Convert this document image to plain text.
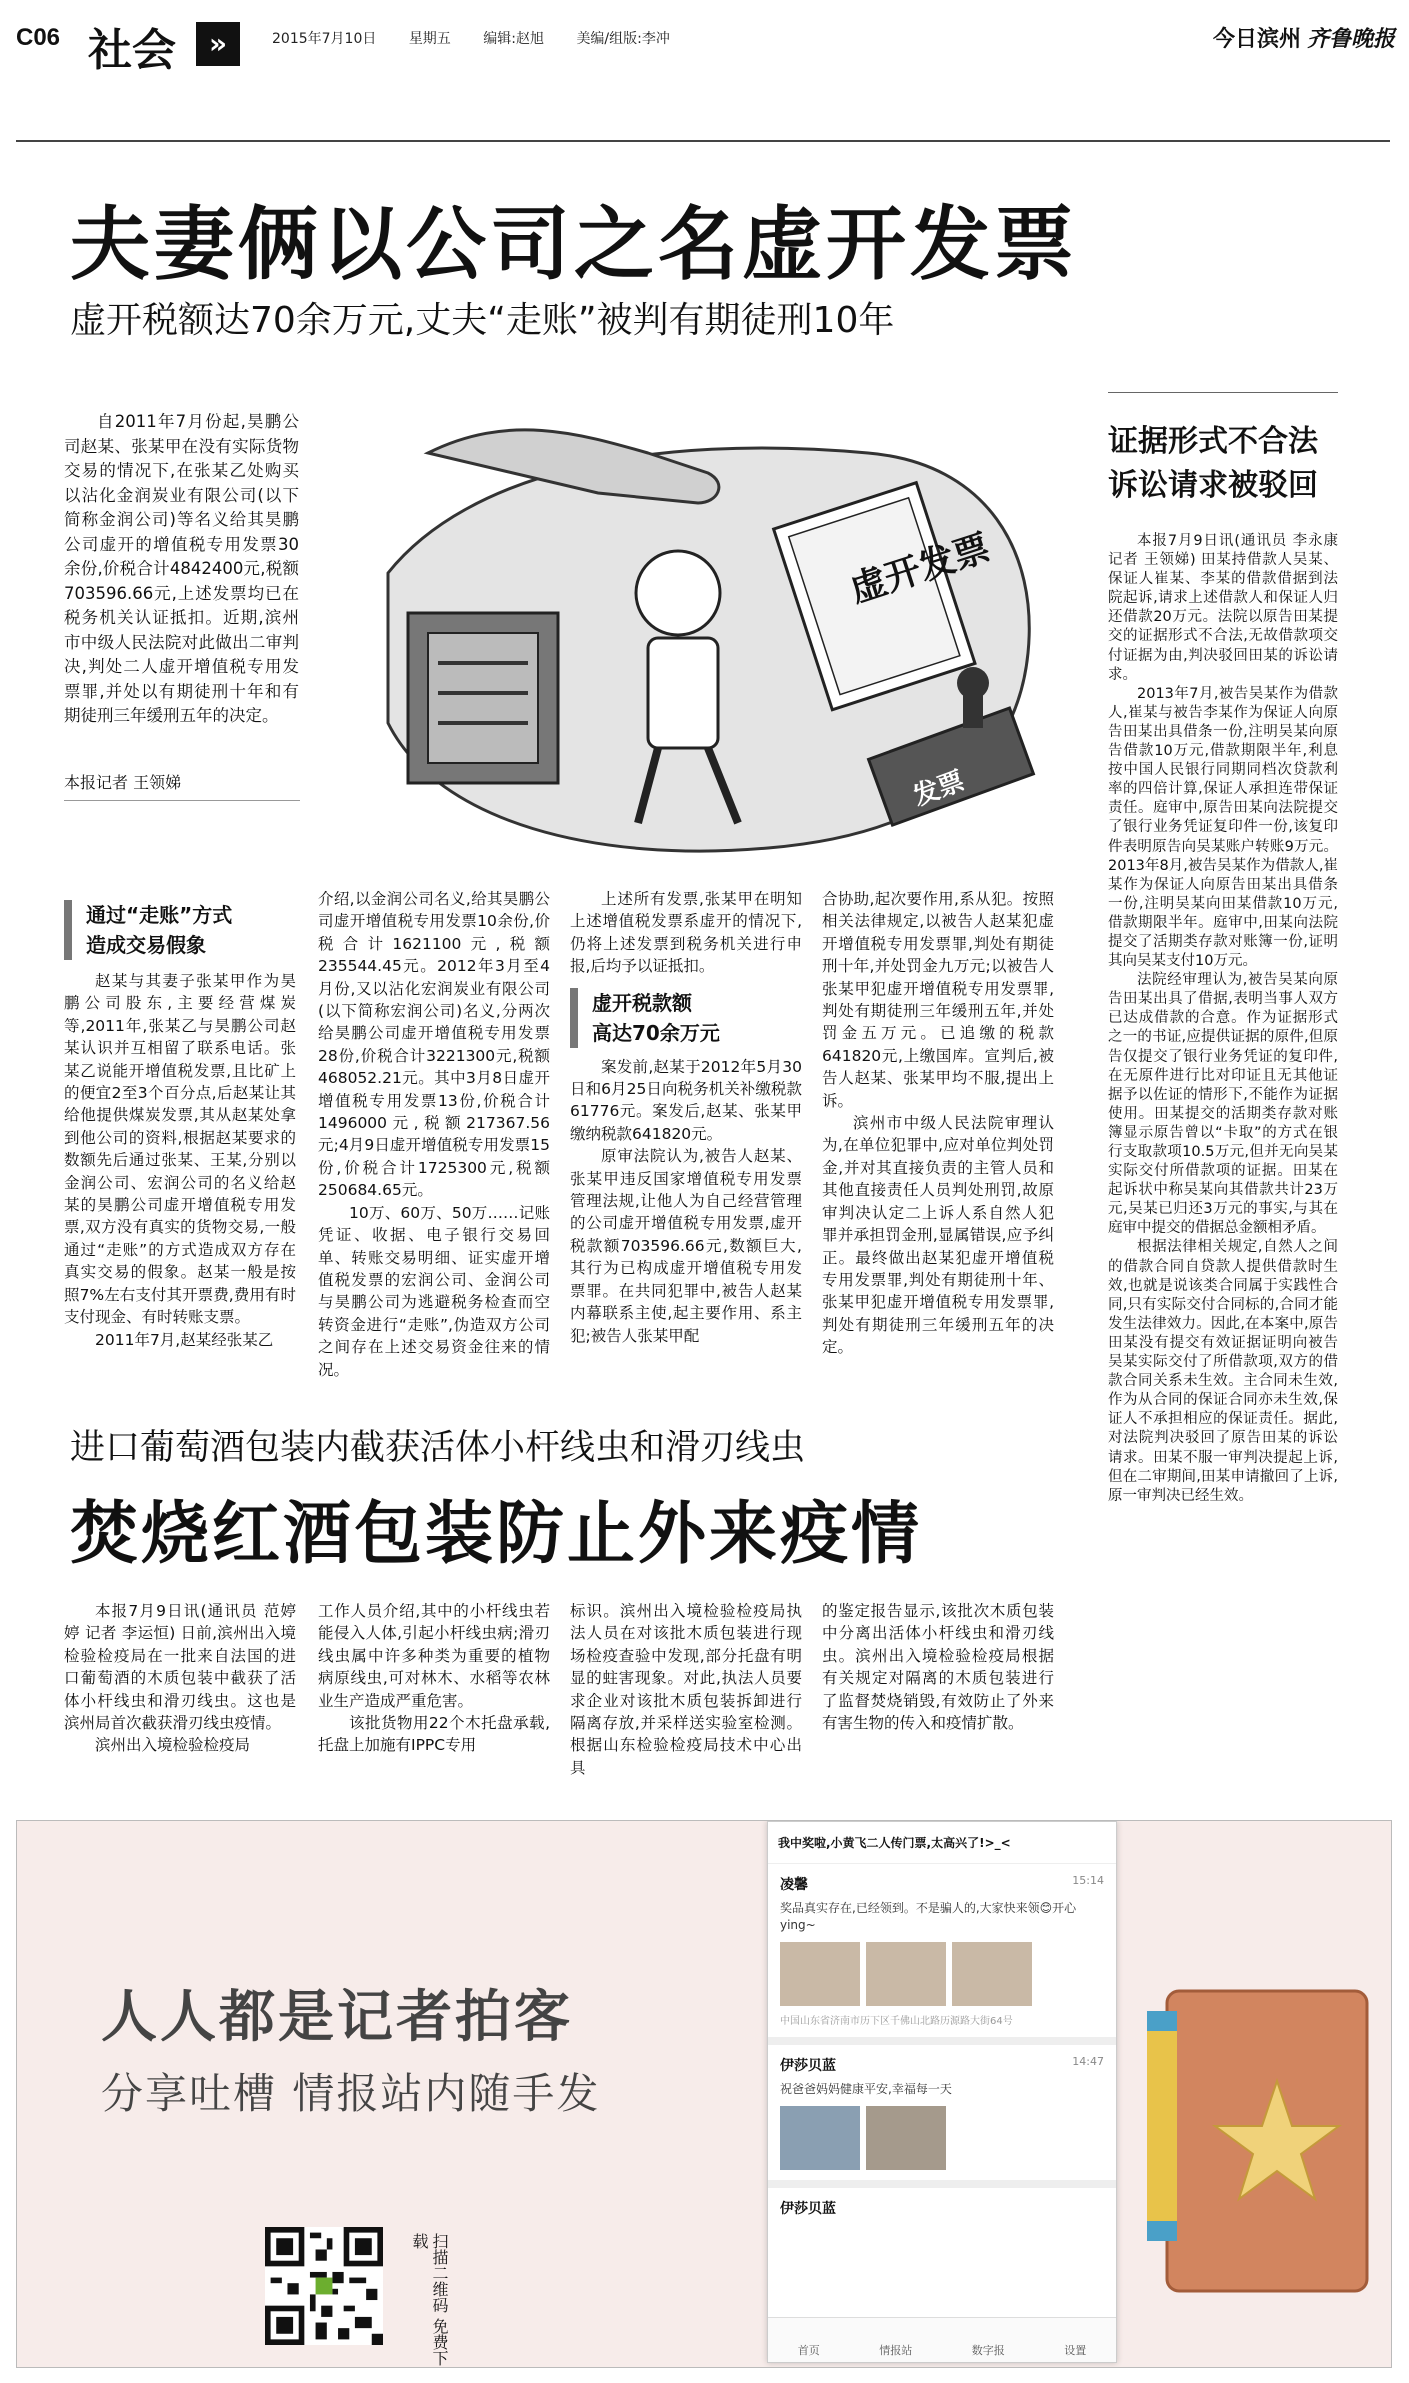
C06 社会	»	2015年7月10日 星期五 编辑:赵旭 美编/组版:李冲	今日滨州 齐鲁晚报
夫妻俩以公司之名虚开发票
虚开税额达70余万元,丈夫“走账”被判有期徒刑10年

自2011年7月份起,昊鹏公司赵某、张某甲在没有实际货物交易的情况下,在张某乙处购买以沾化金润炭业有限公司(以下简称金润公司)等名义给其昊鹏公司虚开的增值税专用发票30余份,价税合计4842400元,税额703596.66元,上述发票均已在税务机关认证抵扣。近期,滨州市中级人民法院对此做出二审判决,判处二人虚开增值税专用发票罪,并处以有期徒刑十年和有期徒刑三年缓刑五年的决定。

本报记者 王领娣
虚开发票
发票
证据形式不合法
诉讼请求被驳回

本报7月9日讯(通讯员 李永康 记者 王领娣) 田某持借款人吴某、保证人崔某、李某的借款借据到法院起诉,请求上述借款人和保证人归还借款20万元。法院以原告田某提交的证据形式不合法,无故借款项交付证据为由,判决驳回田某的诉讼请求。

2013年7月,被告吴某作为借款人,崔某与被告李某作为保证人向原告田某出具借条一份,注明吴某向原告借款10万元,借款期限半年,利息按中国人民银行同期同档次贷款利率的四倍计算,保证人承担连带保证责任。庭审中,原告田某向法院提交了银行业务凭证复印件一份,该复印件表明原告向吴某账户转账9万元。2013年8月,被告吴某作为借款人,崔某作为保证人向原告田某出具借条一份,注明吴某向田某借款10万元,借款期限半年。庭审中,田某向法院提交了活期类存款对账簿一份,证明其向吴某支付10万元。

法院经审理认为,被告吴某向原告田某出具了借据,表明当事人双方已达成借款的合意。作为证据形式之一的书证,应提供证据的原件,但原告仅提交了银行业务凭证的复印件,在无原件进行比对印证且无其他证据予以佐证的情形下,不能作为证据使用。田某提交的活期类存款对账簿显示原告曾以“卡取”的方式在银行支取款项10.5万元,但并无向吴某实际交付所借款项的证据。田某在起诉状中称吴某向其借款共计23万元,吴某已归还3万元的事实,与其在庭审中提交的借据总金额相矛盾。

根据法律相关规定,自然人之间的借款合同自贷款人提供借款时生效,也就是说该类合同属于实践性合同,只有实际交付合同标的,合同才能发生法律效力。因此,在本案中,原告田某没有提交有效证据证明向被告吴某实际交付了所借款项,双方的借款合同关系未生效。主合同未生效,作为从合同的保证合同亦未生效,保证人不承担相应的保证责任。据此,对法院判决驳回了原告田某的诉讼请求。田某不服一审判决提起上诉,但在二审期间,田某申请撤回了上诉,原一审判决已经生效。

通过“走账”方式
造成交易假象

赵某与其妻子张某甲作为昊鹏公司股东,主要经营煤炭等,2011年,张某乙与昊鹏公司赵某认识并互相留了联系电话。张某乙说能开增值税发票,且比矿上的便宜2至3个百分点,后赵某让其给他提供煤炭发票,其从赵某处拿到他公司的资料,根据赵某要求的数额先后通过张某、王某,分别以金润公司、宏润公司的名义给赵某的昊鹏公司虚开增值税专用发票,双方没有真实的货物交易,一般通过“走账”的方式造成双方存在真实交易的假象。赵某一般是按照7%左右支付其开票费,费用有时支付现金、有时转账支票。

2011年7月,赵某经张某乙

介绍,以金润公司名义,给其昊鹏公司虚开增值税专用发票10余份,价税合计1621100元,税额235544.45元。2012年3月至4月份,又以沾化宏润炭业有限公司(以下简称宏润公司)名义,分两次给昊鹏公司虚开增值税专用发票28份,价税合计3221300元,税额468052.21元。其中3月8日虚开增值税专用发票13份,价税合计1496000元,税额217367.56元;4月9日虚开增值税专用发票15份,价税合计1725300元,税额250684.65元。

10万、60万、50万……记账凭证、收据、电子银行交易回单、转账交易明细、证实虚开增值税发票的宏润公司、金润公司与昊鹏公司为逃避税务检查而空转资金进行“走账”,伪造双方公司之间存在上述交易资金往来的情况。

上述所有发票,张某甲在明知上述增值税发票系虚开的情况下,仍将上述发票到税务机关进行申报,后均予以证抵扣。

虚开税款额
高达70余万元

案发前,赵某于2012年5月30日和6月25日向税务机关补缴税款61776元。案发后,赵某、张某甲缴纳税款641820元。

原审法院认为,被告人赵某、张某甲违反国家增值税专用发票管理法规,让他人为自己经营管理的公司虚开增值税专用发票,虚开税款额703596.66元,数额巨大,其行为已构成虚开增值税专用发票罪。在共同犯罪中,被告人赵某内幕联系主使,起主要作用、系主犯;被告人张某甲配

合协助,起次要作用,系从犯。按照相关法律规定,以被告人赵某犯虚开增值税专用发票罪,判处有期徒刑十年,并处罚金九万元;以被告人张某甲犯虚开增值税专用发票罪,判处有期徒刑三年缓刑五年,并处罚金五万元。已追缴的税款641820元,上缴国库。宣判后,被告人赵某、张某甲均不服,提出上诉。

滨州市中级人民法院审理认为,在单位犯罪中,应对单位判处罚金,并对其直接负责的主管人员和其他直接责任人员判处刑罚,故原审判决认定二上诉人系自然人犯罪并承担罚金刑,显属错误,应予纠正。最终做出赵某犯虚开增值税专用发票罪,判处有期徒刑十年、张某甲犯虚开增值税专用发票罪,判处有期徒刑三年缓刑五年的决定。

进口葡萄酒包装内截获活体小杆线虫和滑刃线虫
焚烧红酒包装防止外来疫情

本报7月9日讯(通讯员 范婷婷 记者 李运恒) 日前,滨州出入境检验检疫局在一批来自法国的进口葡萄酒的木质包装中截获了活体小杆线虫和滑刃线虫。这也是滨州局首次截获滑刃线虫疫情。

滨州出入境检验检疫局

工作人员介绍,其中的小杆线虫若能侵入人体,引起小杆线虫病;滑刃线虫属中许多种类为重要的植物病原线虫,可对林木、水稻等农林业生产造成严重危害。

该批货物用22个木托盘承载,托盘上加施有IPPC专用

标识。滨州出入境检验检疫局执法人员在对该批木质包装进行现场检疫查验中发现,部分托盘有明显的蛀害现象。对此,执法人员要求企业对该批木质包装拆卸进行隔离存放,并采样送实验室检测。根据山东检验检疫局技术中心出具

的鉴定报告显示,该批次木质包装中分离出活体小杆线虫和滑刃线虫。滨州出入境检验检疫局根据有关规定对隔离的木质包装进行了监督焚烧销毁,有效防止了外来有害生物的传入和疫情扩散。

人人都是记者拍客
分享吐槽 情报站内随手发
扫描二维码 免费下载
我中奖啦,小黄飞二人传门票,太高兴了!>_<
凌馨	15:14
奖品真实存在,已经领到。不是骗人的,大家快来领😊开心ying~
中国山东省济南市历下区千佛山北路历源路大街64号
伊莎贝蓝	14:47
祝爸爸妈妈健康平安,幸福每一天
伊莎贝蓝
首页	情报站	数字报	设置
